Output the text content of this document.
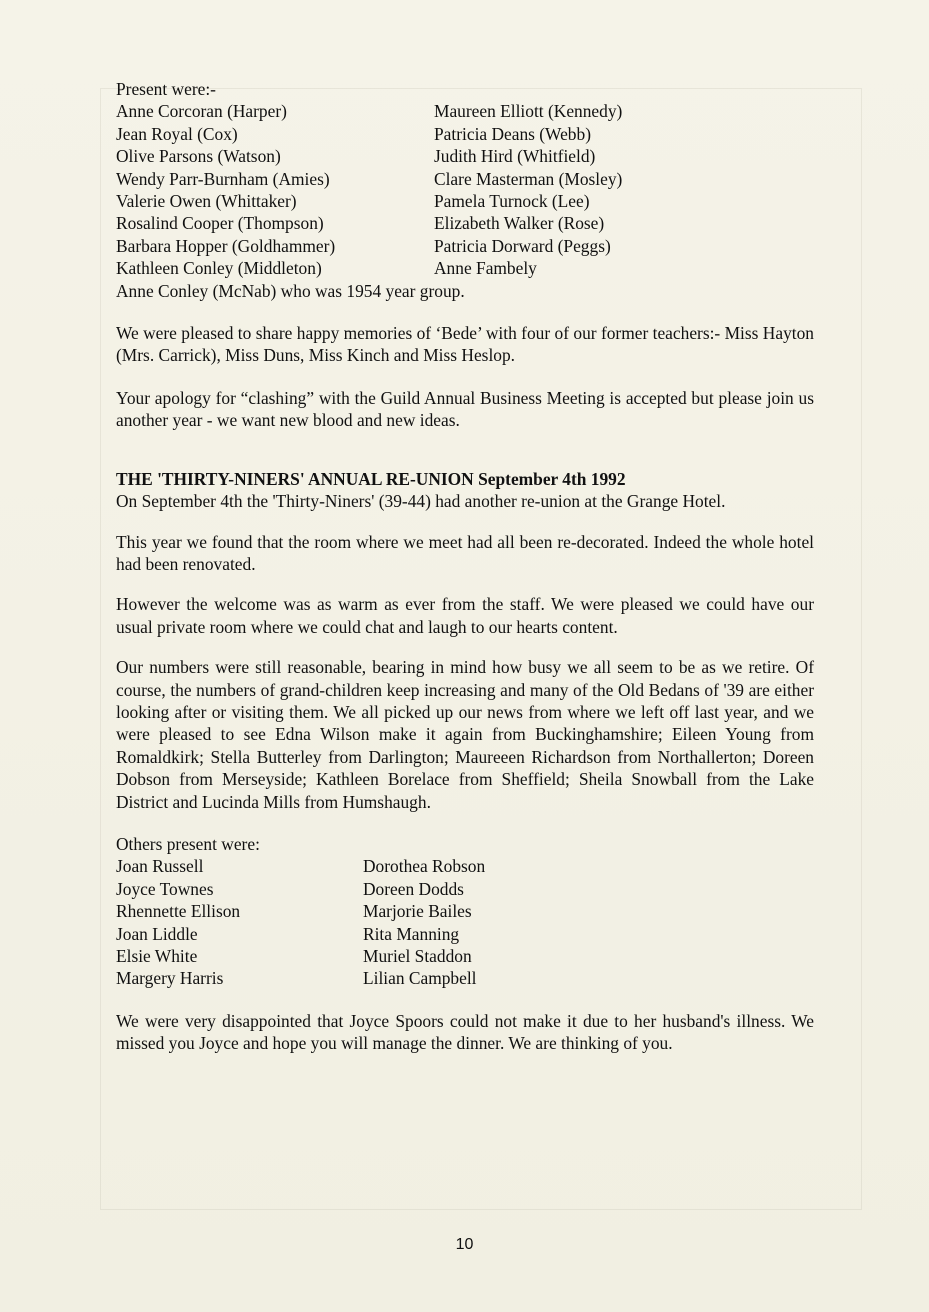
Present were:-
Anne Corcoran (Harper)	Maureen Elliott (Kennedy)
Jean Royal (Cox)	Patricia Deans (Webb)
Olive Parsons (Watson)	Judith Hird (Whitfield)
Wendy Parr-Burnham (Amies)	Clare Masterman (Mosley)
Valerie Owen (Whittaker)	Pamela Turnock (Lee)
Rosalind Cooper (Thompson)	Elizabeth Walker (Rose)
Barbara Hopper (Goldhammer)	Patricia Dorward (Peggs)
Kathleen Conley (Middleton)	Anne Fambely
Anne Conley (McNab) who was 1954 year group.

We were pleased to share happy memories of ‘Bede’ with four of our former teachers:- Miss Hayton (Mrs. Carrick), Miss Duns, Miss Kinch and Miss Heslop.

Your apology for “clashing” with the Guild Annual Business Meeting is accepted but please join us another year - we want new blood and new ideas.

THE 'THIRTY-NINERS' ANNUAL RE-UNION September 4th 1992

On September 4th the 'Thirty-Niners' (39-44) had another re-union at the Grange Hotel.

This year we found that the room where we meet had all been re-decorated. Indeed the whole hotel had been renovated.

However the welcome was as warm as ever from the staff. We were pleased we could have our usual private room where we could chat and laugh to our hearts content.

Our numbers were still reasonable, bearing in mind how busy we all seem to be as we retire. Of course, the numbers of grand-children keep increasing and many of the Old Bedans of '39 are either looking after or visiting them. We all picked up our news from where we left off last year, and we were pleased to see Edna Wilson make it again from Buckinghamshire; Eileen Young from Romaldkirk; Stella Butterley from Darlington; Maureeen Richardson from Northallerton; Doreen Dobson from Merseyside; Kathleen Borelace from Sheffield; Sheila Snowball from the Lake District and Lucinda Mills from Humshaugh.

Others present were:
Joan Russell	Dorothea Robson
Joyce Townes	Doreen Dodds
Rhennette Ellison	Marjorie Bailes
Joan Liddle	Rita Manning
Elsie White	Muriel Staddon
Margery Harris	Lilian Campbell

We were very disappointed that Joyce Spoors could not make it due to her husband's illness. We missed you Joyce and hope you will manage the dinner. We are thinking of you.

10
